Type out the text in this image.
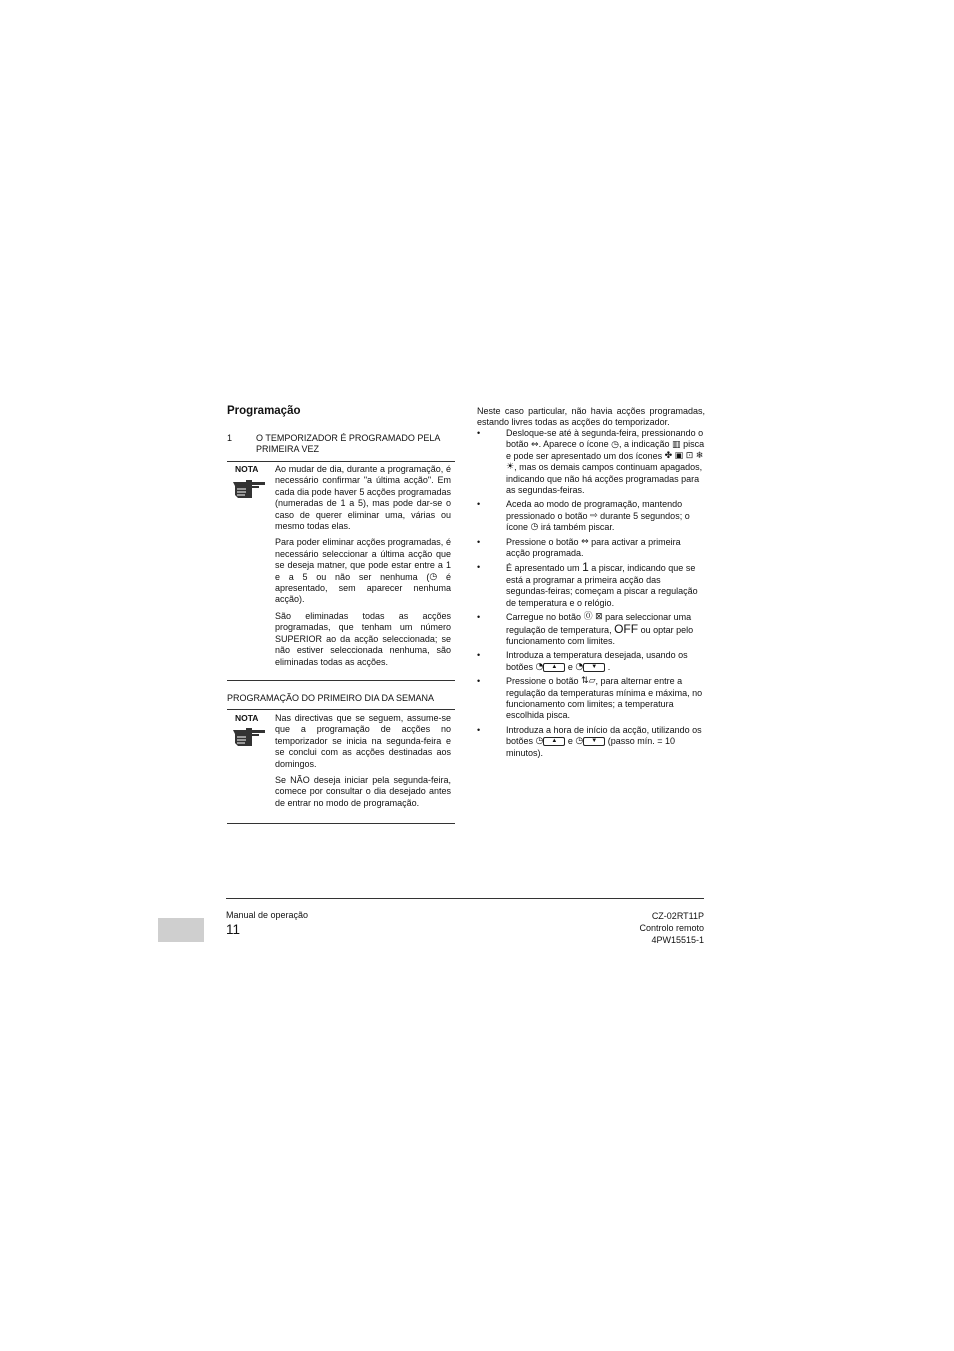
Programação
1	O TEMPORIZADOR É PROGRAMADO PELA PRIMEIRA VEZ
NOTA Ao mudar de dia, durante a programação, é necessário confirmar "a última acção". Em cada dia pode haver 5 acções programadas (numeradas de 1 a 5), mas pode dar-se o caso de querer eliminar uma, várias ou mesmo todas elas.

Para poder eliminar acções programadas, é necessário seleccionar a última acção que se deseja matner, que pode estar entre a 1 e a 5 ou não ser nenhuma (◷ é apresentado, sem aparecer nenhuma acção).

São eliminadas todas as acções programadas, que tenham um número SUPERIOR ao da acção seleccionada; se não estiver seleccionada nenhuma, são eliminadas todas as acções.

PROGRAMAÇÃO DO PRIMEIRO DIA DA SEMANA
NOTA Nas directivas que se seguem, assume-se que a programação de acções no temporizador se inicia na segunda-feira e se conclui com as acções destinadas aos domingos.

Se NÃO deseja iniciar pela segunda-feira, comece por consultar o dia desejado antes de entrar no modo de programação.

Neste caso particular, não havia acções programadas, estando livres todas as acções do temporizador.
•	Desloque-se até à segunda-feira, pressionando o botão ⇔. Aparece o ícone ◷, a indicação ▥ pisca e pode ser apresentado um dos ícones ✤ ▣ ⊡ ❄ ☀, mas os demais campos continuam apagados, indicando que não há acções programadas para as segundas-feiras.
•	Aceda ao modo de programação, mantendo pressionado o botão ⇨ durante 5 segundos; o ícone ◷ irá também piscar.
•	Pressione o botão ⇔ para activar a primeira acção programada.
•	É apresentado um 1 a piscar, indicando que se está a programar a primeira acção das segundas-feiras; começam a piscar a regulação de temperatura e o relógio.
•	Carregue no botão ⓪ ⊠ para seleccionar uma regulação de temperatura, OFF ou optar pelo funcionamento com limites.
•	Introduza a temperatura desejada, usando os botões ◔ ▲ e ◔ ▼ .
•	Pressione o botão ⇅▱, para alternar entre a regulação da temperaturas mínima e máxima, no funcionamento com limites; a temperatura escolhida pisca.
•	Introduza a hora de início da acção, utilizando os botões ◷ ▲ e ◷ ▼ (passo mín. = 10 minutos).
Manual de operação
11
CZ-02RT11P
Controlo remoto
4PW15515-1
